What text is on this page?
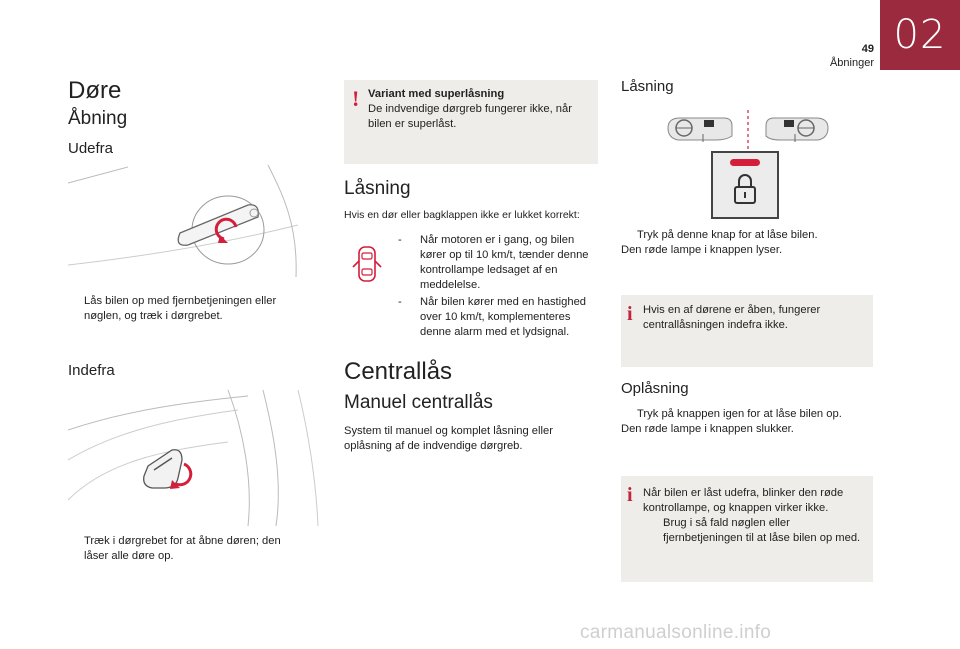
02
49
Åbninger
Døre
Åbning
Udefra
Lås bilen op med fjernbetjeningen eller nøglen, og træk i dørgrebet.
Indefra
Træk i dørgrebet for at åbne døren; den låser alle døre op.
! Variant med superlåsning
De indvendige dørgreb fungerer ikke, når bilen er superlåst.
Låsning
Hvis en dør eller bagklappen ikke er lukket korrekt:
-	Når motoren er i gang, og bilen kører op til 10 km/t, tænder denne kontrollampe ledsaget af en meddelelse.
-	Når bilen kører med en hastighed over 10 km/t, komplementeres denne alarm med et lydsignal.
Centrallås
Manuel centrallås
System til manuel og komplet låsning eller oplåsning af de indvendige dørgreb.
Låsning
Tryk på denne knap for at låse bilen.
Den røde lampe i knappen lyser.
i Hvis en af dørene er åben, fungerer centrallåsningen indefra ikke.
Oplåsning
Tryk på knappen igen for at låse bilen op.
Den røde lampe i knappen slukker.
i Når bilen er låst udefra, blinker den røde kontrollampe, og knappen virker ikke.
Brug i så fald nøglen eller fjernbetjeningen til at låse bilen op med.
carmanualsonline.info
